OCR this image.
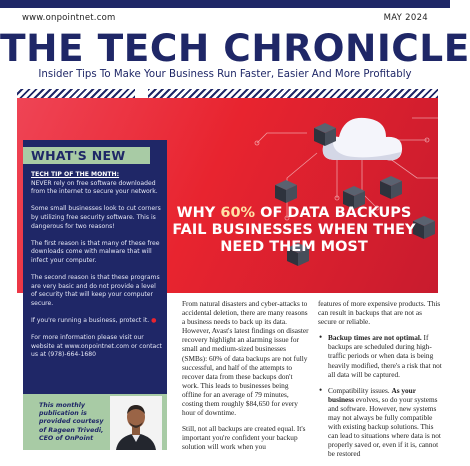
www.onpointnet.com	MAY 2024
THE TECH CHRONICLE
Insider Tips To Make Your Business Run Faster, Easier And More Profitably
WHY 60% OF DATA BACKUPS FAIL BUSINESSES WHEN THEY NEED THEM MOST
WHAT'S NEW

TECH TIP OF THE MONTH:

NEVER rely on free software downloaded from the internet to secure your network.

Some small businesses look to cut corners by utilizing free security software. This is dangerous for two reasons!

The first reason is that many of these free downloads come with malware that will infect your computer.

The second reason is that these programs are very basic and do not provide a level of security that will keep your computer secure.

If you're running a business, protect it. ●

For more information please visit our website at www.onpointnet.com or contact us at (978)-664-1680

This monthly publication is provided courtesy of Rageen Trivedi, CEO of OnPoint

From natural disasters and cyber-attacks to accidental deletion, there are many reasons a business needs to back up its data. However, Avast's latest findings on disaster recovery highlight an alarming issue for small and medium-sized businesses (SMBs): 60% of data backups are not fully successful, and half of the attempts to recover data from these backups don't work. This leads to businesses being offline for an average of 79 minutes, costing them roughly $84,650 for every hour of downtime.

Still, not all backups are created equal. It's important you're confident your backup solution will work when you

features of more expensive products. This can result in backups that are not as secure or reliable.

• Backup times are not optimal. If backups are scheduled during high-traffic periods or when data is being heavily modified, there's a risk that not all data will be captured.
• Compatibility issues. As your business evolves, so do your systems and software. However, new systems may not always be fully compatible with existing backup solutions. This can lead to situations where data is not properly saved or, even if it is, cannot be restored
